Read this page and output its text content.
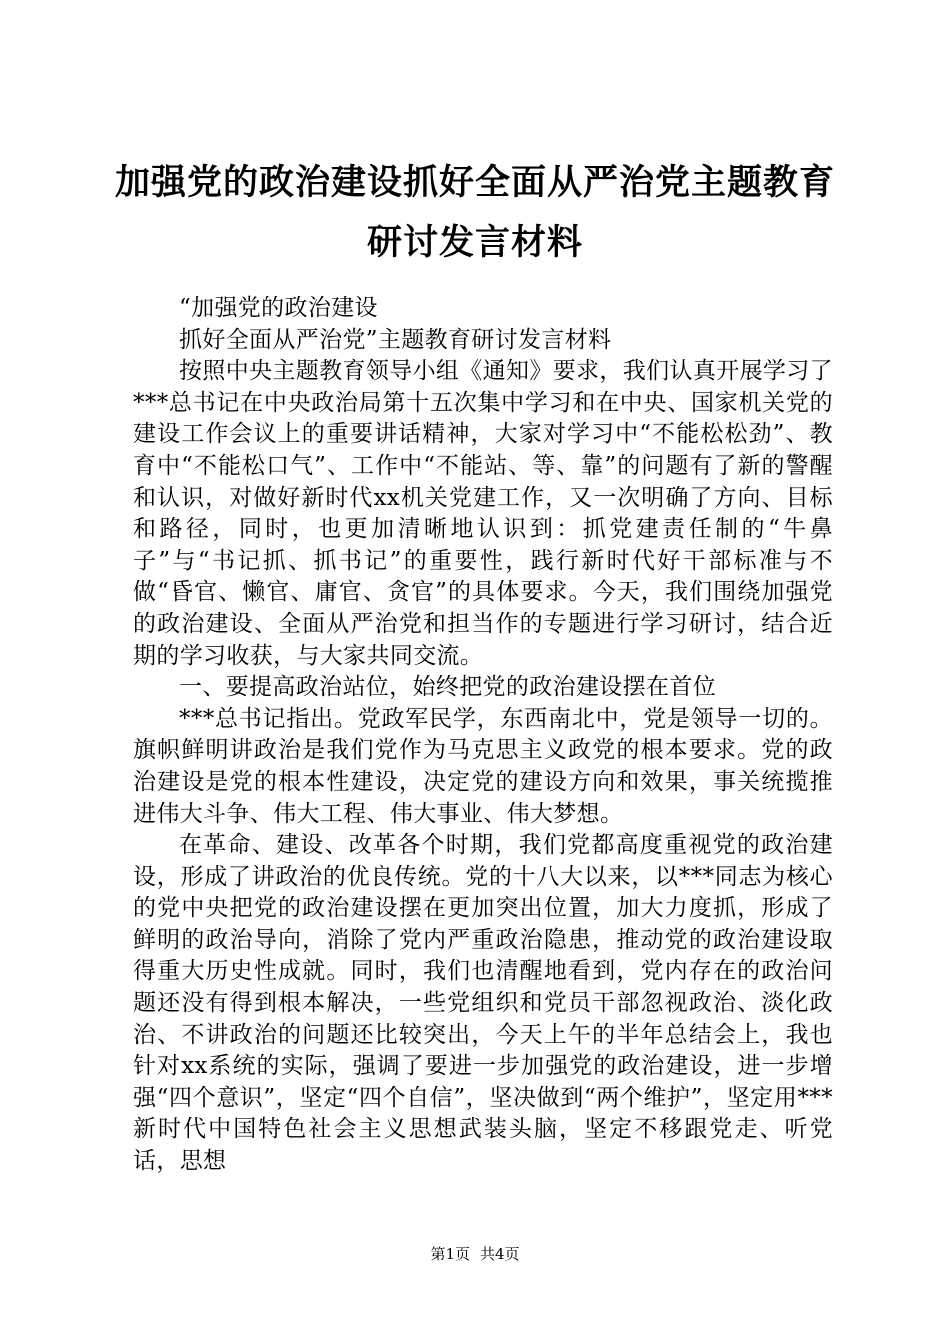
加强党的政治建设抓好全面从严治党主题教育
研讨发言材料

“加强党的政治建设

抓好全面从严治党”主题教育研讨发言材料

按照中央主题教育领导小组《通知》要求，我们认真开展学习了***总书记在中央政治局第十五次集中学习和在中央、国家机关党的建设工作会议上的重要讲话精神，大家对学习中“不能松松劲”、教育中“不能松口气”、工作中“不能站、等、靠”的问题有了新的警醒和认识，对做好新时代xx机关党建工作，又一次明确了方向、目标和路径，同时，也更加清晰地认识到：抓党建责任制的“牛鼻子”与“书记抓、抓书记”的重要性，践行新时代好干部标准与不做“昏官、懒官、庸官、贪官”的具体要求。今天，我们围绕加强党的政治建设、全面从严治党和担当作的专题进行学习研讨，结合近期的学习收获，与大家共同交流。

一、要提高政治站位，始终把党的政治建设摆在首位

***总书记指出。党政军民学，东西南北中，党是领导一切的。旗帜鲜明讲政治是我们党作为马克思主义政党的根本要求。党的政治建设是党的根本性建设，决定党的建设方向和效果，事关统揽推进伟大斗争、伟大工程、伟大事业、伟大梦想。

在革命、建设、改革各个时期，我们党都高度重视党的政治建设，形成了讲政治的优良传统。党的十八大以来，以***同志为核心的党中央把党的政治建设摆在更加突出位置，加大力度抓，形成了鲜明的政治导向，消除了党内严重政治隐患，推动党的政治建设取得重大历史性成就。同时，我们也清醒地看到，党内存在的政治问题还没有得到根本解决，一些党组织和党员干部忽视政治、淡化政治、不讲政治的问题还比较突出，今天上午的半年总结会上，我也针对xx系统的实际，强调了要进一步加强党的政治建设，进一步增强“四个意识”，坚定“四个自信”，坚决做到“两个维护”，坚定用***新时代中国特色社会主义思想武装头脑，坚定不移跟党走、听党话，思想

第1页 共4页
